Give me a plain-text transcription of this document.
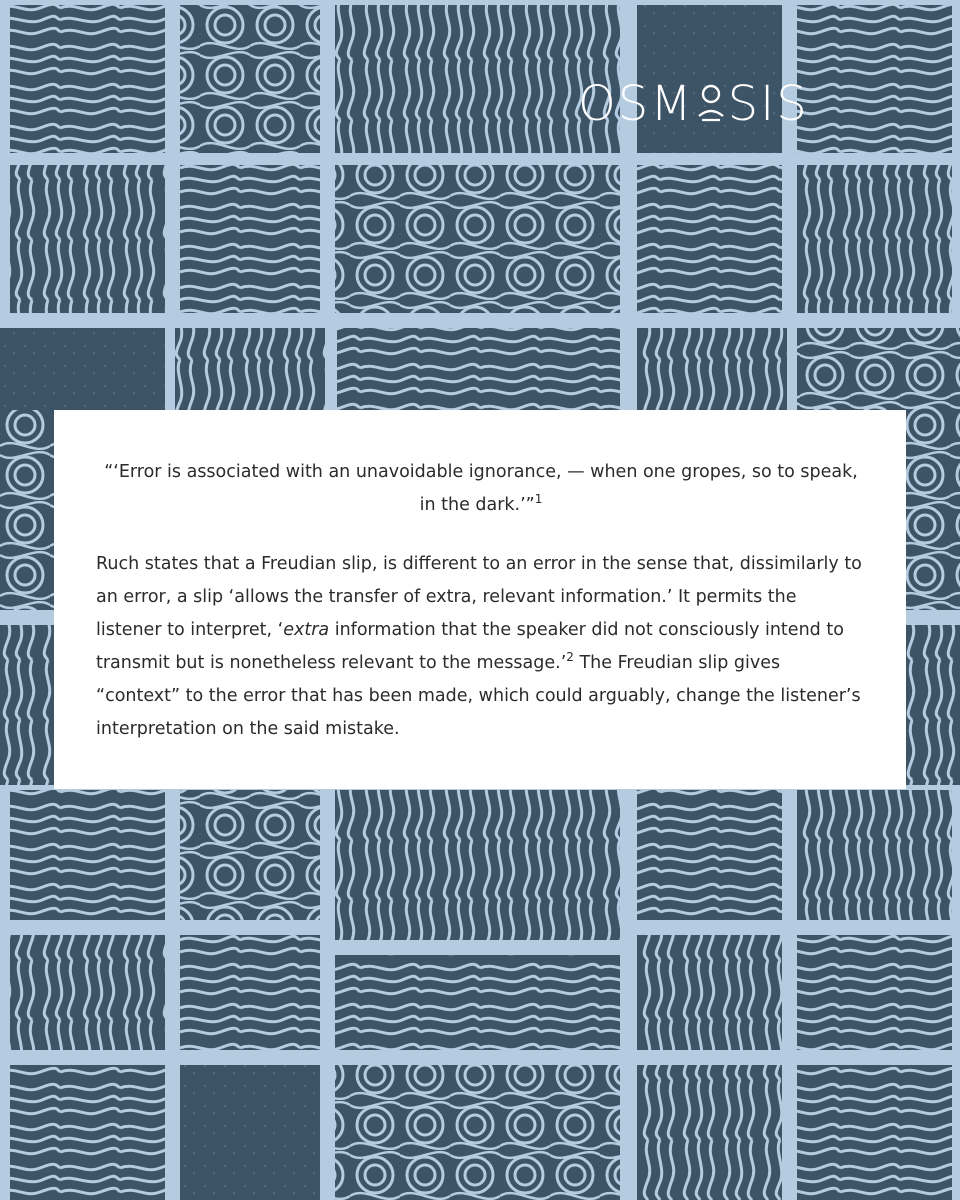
OSM SIS

“‘Error is associated with an unavoidable ignorance, — when one gropes, so to speak, in the dark.’”$^1$

Ruch states that a Freudian slip, is different to an error in the sense that, dissimilarly to an error, a slip ‘allows the transfer of extra, relevant information.’ It permits the listener to interpret, ‘extra information that the speaker did not consciously intend to transmit but is nonetheless relevant to the message.’$^2$ The Freudian slip gives “context” to the error that has been made, which could arguably, change the listener’s interpretation on the said mistake.
